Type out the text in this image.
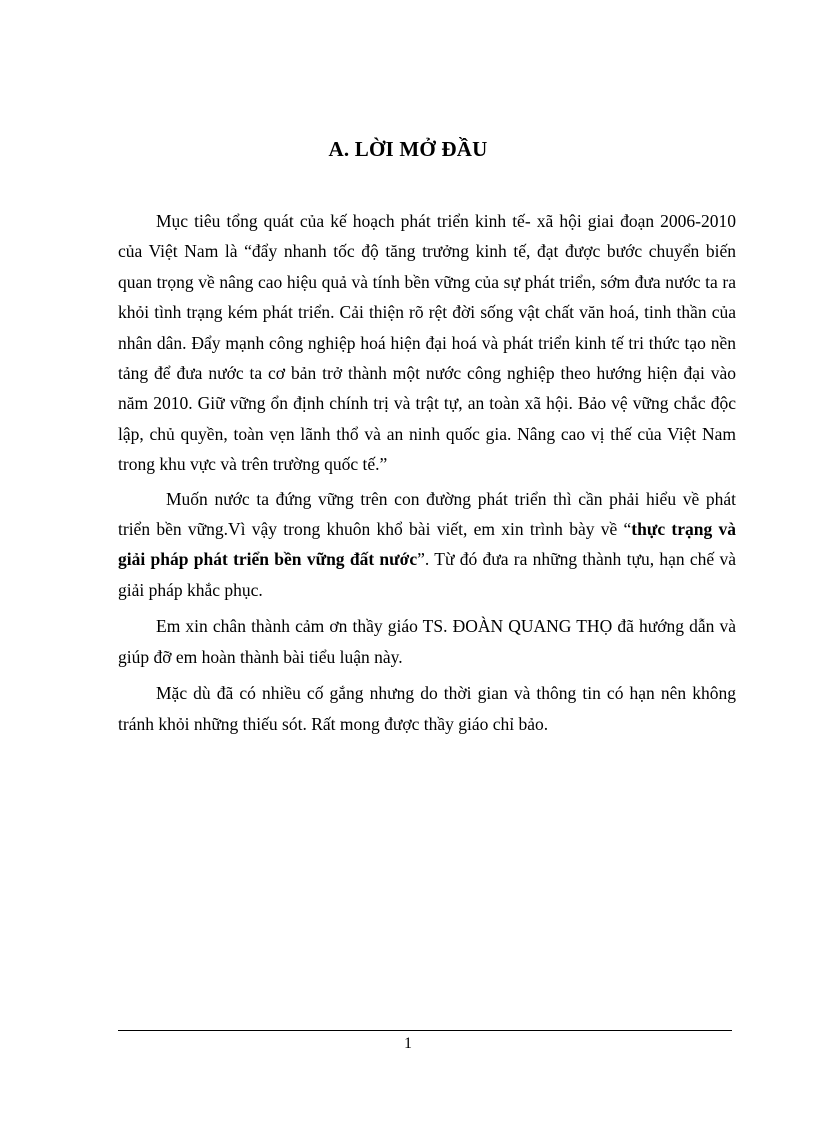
A. LỜI MỞ ĐẦU

Mục tiêu tổng quát của kế hoạch phát triển kinh tế- xã hội giai đoạn 2006-2010 của Việt Nam là “đẩy nhanh tốc độ tăng trưởng kinh tế, đạt được bước chuyển biến quan trọng về nâng cao hiệu quả và tính bền vững của sự phát triển, sớm đưa nước ta ra khỏi tình trạng kém phát triển. Cải thiện rõ rệt đời sống vật chất văn hoá, tinh thần của nhân dân. Đẩy mạnh công nghiệp hoá hiện đại hoá và phát triển kinh tế tri thức tạo nền tảng để đưa nước ta cơ bản trở thành một nước công nghiệp theo hướng hiện đại vào năm 2010. Giữ vững ổn định chính trị và trật tự, an toàn xã hội. Bảo vệ vững chắc độc lập, chủ quyền, toàn vẹn lãnh thổ và an ninh quốc gia. Nâng cao vị thế của Việt Nam trong khu vực và trên trường quốc tế.”

Muốn nước ta đứng vững trên con đường phát triển thì cần phải hiểu về phát triển bền vững.Vì vậy trong khuôn khổ bài viết, em xin trình bày về “thực trạng và giải pháp phát triển bền vững đất nước”. Từ đó đưa ra những thành tựu, hạn chế và giải pháp khắc phục.

Em xin chân thành cảm ơn thầy giáo TS. ĐOÀN QUANG THỌ đã hướng dẫn và giúp đỡ em hoàn thành bài tiểu luận này.

Mặc dù đã có nhiều cố gắng nhưng do thời gian và thông tin có hạn nên không tránh khỏi những thiếu sót. Rất mong được thầy giáo chỉ bảo.

1
